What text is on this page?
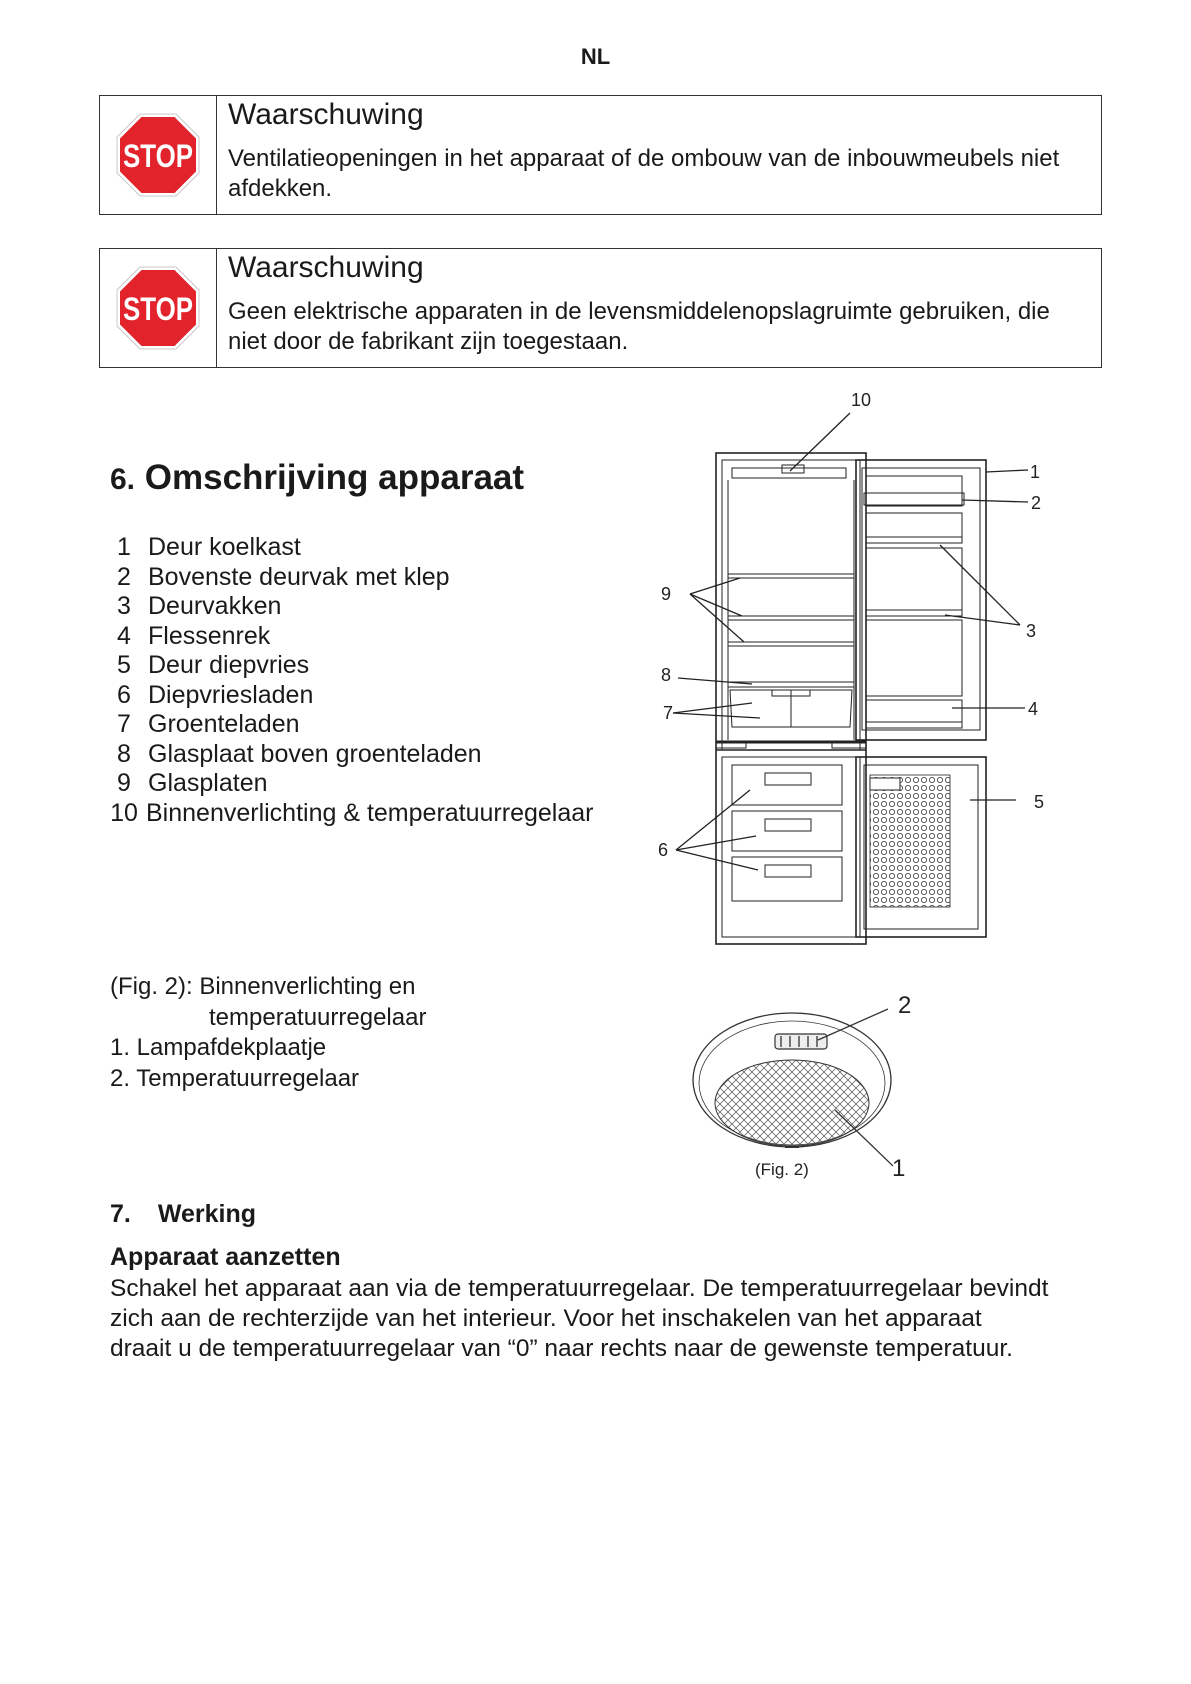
NL
STOP
Waarschuwing
Ventilatieopeningen in het apparaat of de ombouw van de inbouwmeubels niet afdekken.
STOP
Waarschuwing
Geen elektrische apparaten in de levensmiddelenopslagruimte gebruiken, die niet door de fabrikant zijn toegestaan.
6. Omschrijving apparaat
1 Deur koelkast
2 Bovenste deurvak met klep
3 Deurvakken
4 Flessenrek
5 Deur diepvries
6 Diepvriesladen
7 Groenteladen
8 Glasplaat boven groenteladen
9 Glasplaten
10 Binnenverlichting & temperatuurregelaar
10
1
2
9
3
8
7	4
5
6
(Fig. 2): Binnenverlichting en
temperatuurregelaar
1. Lampafdekplaatje
2. Temperatuurregelaar
2
1
(Fig. 2)
7. Werking
Apparaat aanzetten
Schakel het apparaat aan via de temperatuurregelaar. De temperatuurregelaar bevindt
zich aan de rechterzijde van het interieur. Voor het inschakelen van het apparaat
draait u de temperatuurregelaar van “0” naar rechts naar de gewenste temperatuur.
